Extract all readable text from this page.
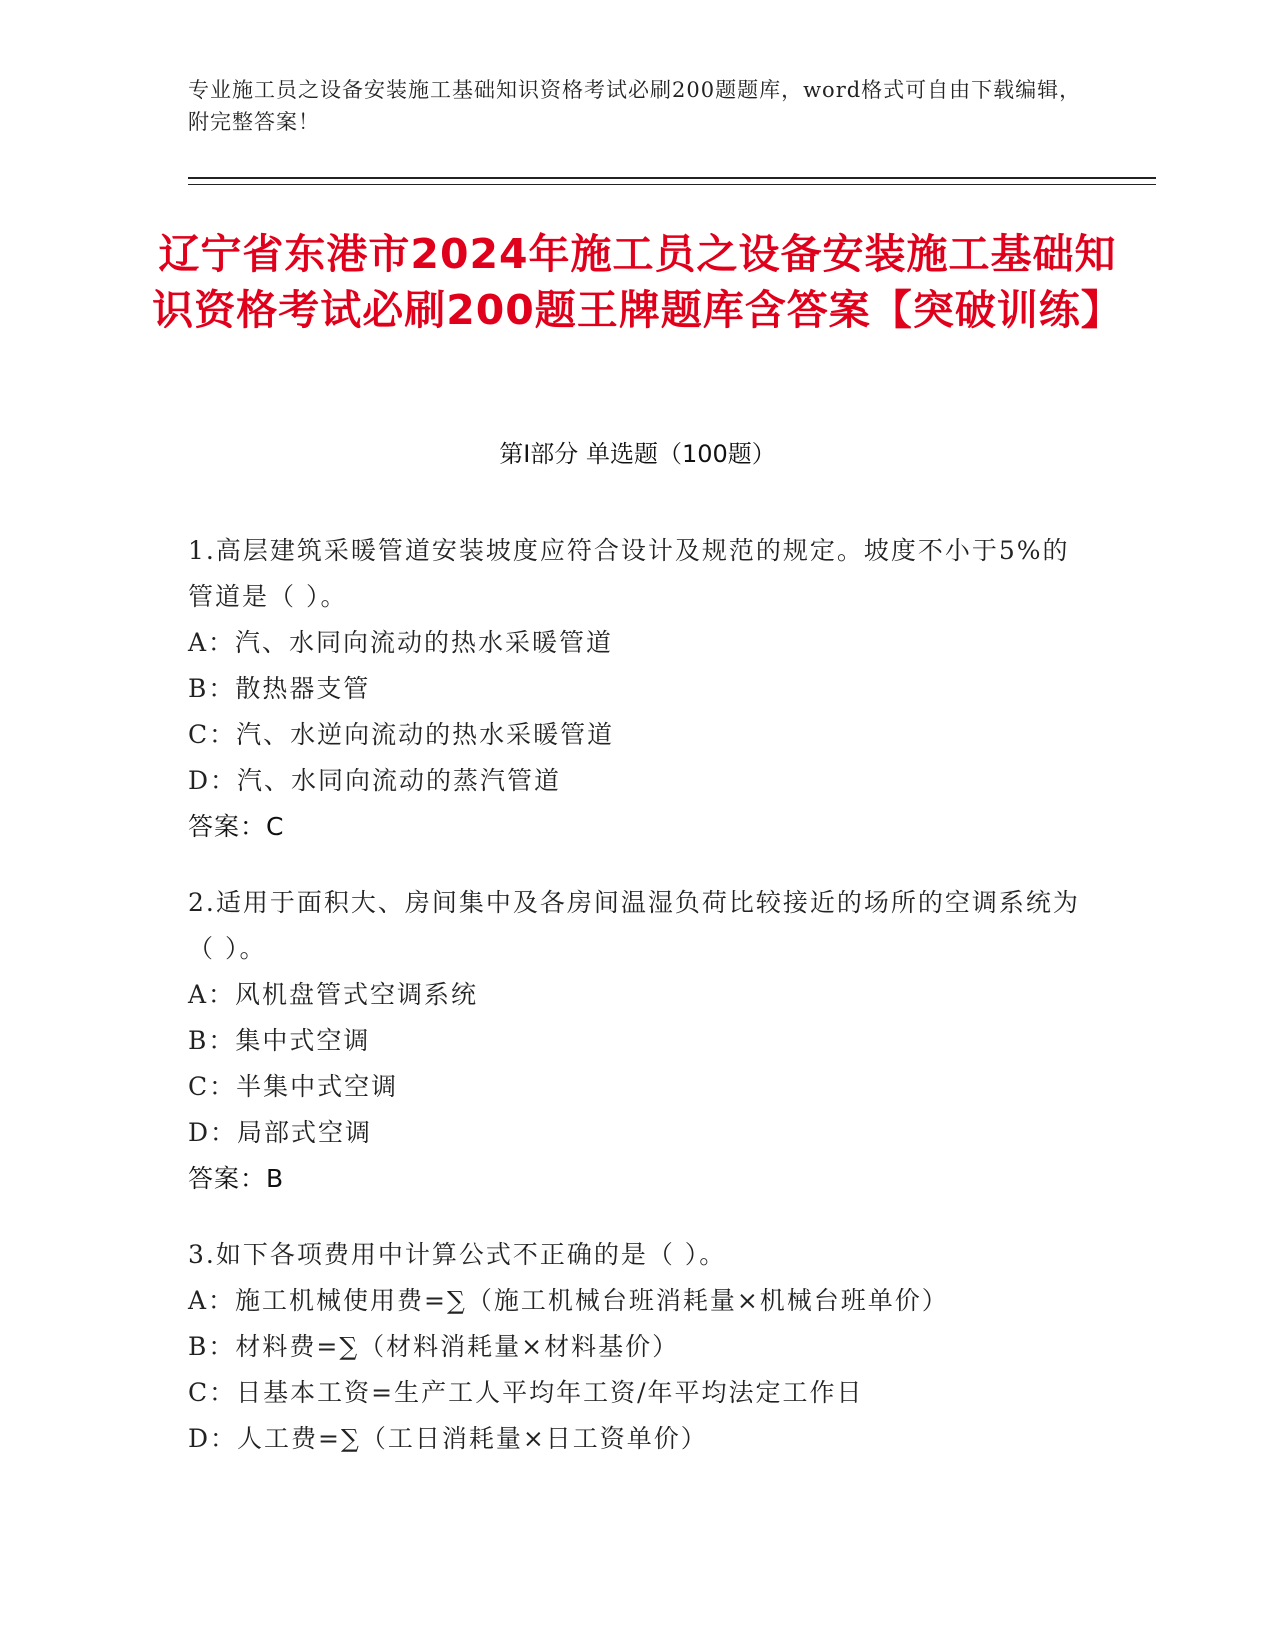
专业施工员之设备安装施工基础知识资格考试必刷200题题库，word格式可自由下载编辑，附完整答案！
辽宁省东港市2024年施工员之设备安装施工基础知识资格考试必刷200题王牌题库含答案【突破训练】
第Ⅰ部分 单选题（100题）
1.高层建筑采暖管道安装坡度应符合设计及规范的规定。坡度不小于5%的管道是（ ）。
A：汽、水同向流动的热水采暖管道
B：散热器支管
C：汽、水逆向流动的热水采暖管道
D：汽、水同向流动的蒸汽管道
答案：C
2.适用于面积大、房间集中及各房间温湿负荷比较接近的场所的空调系统为（ ）。
A：风机盘管式空调系统
B：集中式空调
C：半集中式空调
D：局部式空调
答案：B
3.如下各项费用中计算公式不正确的是（ ）。
A：施工机械使用费=∑（施工机械台班消耗量×机械台班单价）
B：材料费=∑（材料消耗量×材料基价）
C：日基本工资=生产工人平均年工资/年平均法定工作日
D：人工费=∑（工日消耗量×日工资单价）
